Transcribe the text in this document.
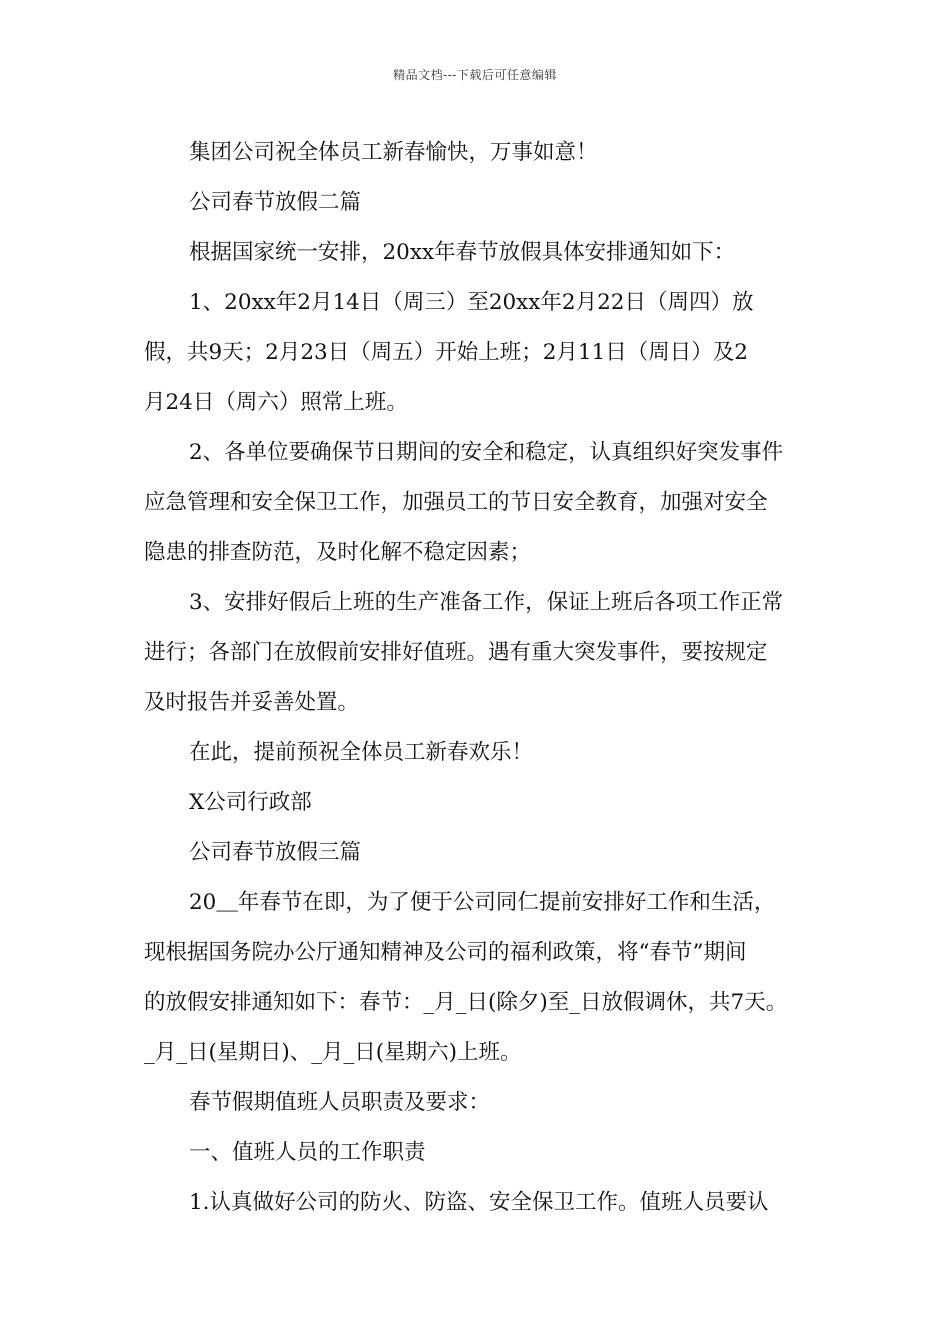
精品文档---下载后可任意编辑
集团公司祝全体员工新春愉快，万事如意！
公司春节放假二篇
根据国家统一安排，20xx年春节放假具体安排通知如下：
1、20xx年2月14日（周三）至20xx年2月22日（周四）放
假，共9天；2月23日（周五）开始上班；2月11日（周日）及2
月24日（周六）照常上班。
2、各单位要确保节日期间的安全和稳定，认真组织好突发事件
应急管理和安全保卫工作，加强员工的节日安全教育，加强对安全
隐患的排查防范，及时化解不稳定因素；
3、安排好假后上班的生产准备工作，保证上班后各项工作正常
进行；各部门在放假前安排好值班。遇有重大突发事件，要按规定
及时报告并妥善处置。
在此，提前预祝全体员工新春欢乐！
X公司行政部
公司春节放假三篇
20＿年春节在即，为了便于公司同仁提前安排好工作和生活，
现根据国务院办公厅通知精神及公司的福利政策，将“春节”期间
的放假安排通知如下：春节：_月_日(除夕)至_日放假调休，共7天。
_月_日(星期日)、_月_日(星期六)上班。
春节假期值班人员职责及要求：
一、值班人员的工作职责
1.认真做好公司的防火、防盗、安全保卫工作。值班人员要认
